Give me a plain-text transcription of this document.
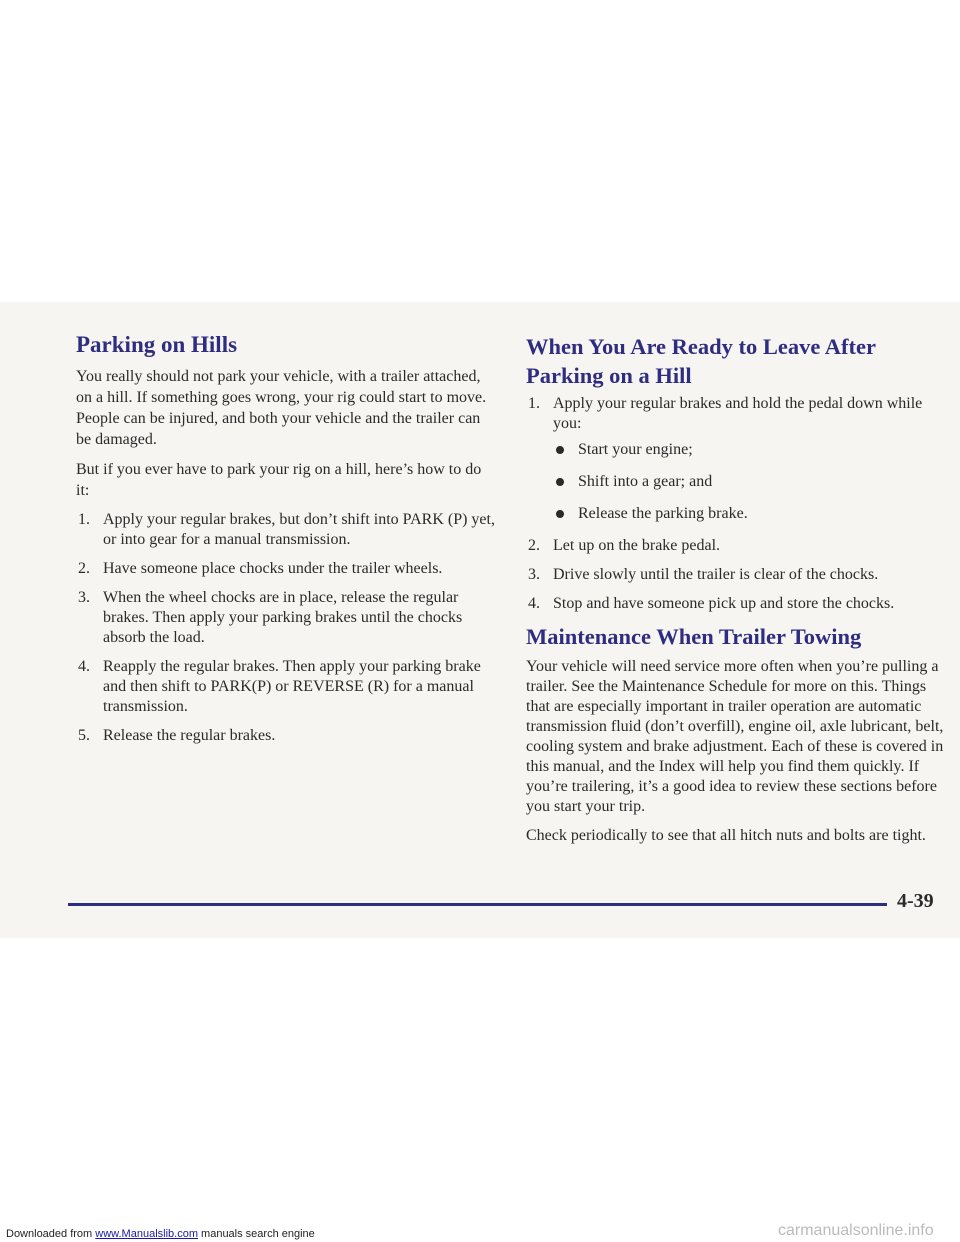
Parking on Hills

You really should not park your vehicle, with a trailer attached, on a hill. If something goes wrong, your rig could start to move. People can be injured, and both your vehicle and the trailer can be damaged.

But if you ever have to park your rig on a hill, here’s how to do it:

1. Apply your regular brakes, but don’t shift into PARK (P) yet, or into gear for a manual transmission.
2. Have someone place chocks under the trailer wheels.
3. When the wheel chocks are in place, release the regular brakes. Then apply your parking brakes until the chocks absorb the load.
4. Reapply the regular brakes. Then apply your parking brake and then shift to PARK(P) or REVERSE (R) for a manual transmission.
5. Release the regular brakes.
When You Are Ready to Leave After Parking on a Hill
1. Apply your regular brakes and hold the pedal down while you:
Start your engine;
Shift into a gear; and
Release the parking brake.
2. Let up on the brake pedal.
3. Drive slowly until the trailer is clear of the chocks.
4. Stop and have someone pick up and store the chocks.
Maintenance When Trailer Towing

Your vehicle will need service more often when you’re pulling a trailer. See the Maintenance Schedule for more on this. Things that are especially important in trailer operation are automatic transmission fluid (don’t overfill), engine oil, axle lubricant, belt, cooling system and brake adjustment. Each of these is covered in this manual, and the Index will help you find them quickly. If you’re trailering, it’s a good idea to review these sections before you start your trip.

Check periodically to see that all hitch nuts and bolts are tight.

4-39
Downloaded from www.Manualslib.com manuals search engine	carmanualsonline.info
